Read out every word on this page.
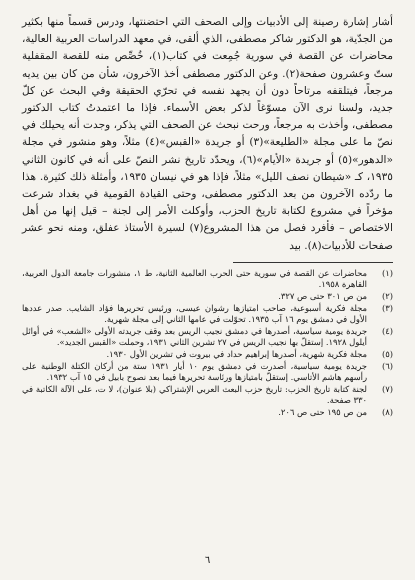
أشار إشارة رصينة إلى الأدبيات وإلى الصحف التي احتضنتها، ودرس قسماً منها بكثير من الجدّية، هو الدكتور شاكر مصطفى، الذي ألقى، في معهد الدراسات العربية العالية، محاضرات عن القصة في سورية جُمِعت في كتاب(١)، خُصِّص منه للقصة المقفلية ستّ وعشرون صفحة(٢). وعن الدكتور مصطفى أخذ الآخرون، شأن من كان بين يديه مرجعاً، فيتلقفه مرتاحاً دون أن يجهد نفسه في تحرّي الحقيقة وفي البحث عن كلّ جديد، ولسنا نرى الآن مسوّغاً لذكر بعض الأسماء. فإذا ما اعتمدتُ كتاب الدكتور مصطفى، وأخذت به مرجعاً، ورحت نبحث عن الصحف التي يذكر، وجدت أنه يحيلك في نصّ ما على مجلة «الطليعة»(٣) أو جريدة «القبس»(٤) مثلاً، وهو منشور في مجلة «الدهور»(٥) أو جريدة «الأيام»(٦)، ويحدّد تاريخ نشر النصّ على أنه في كانون الثاني ١٩٣٥، كـ «شيطان نصف الليل» مثلاً، فإذا هو في نيسان ١٩٣٥، وأمثلة ذلك كثيرة. هذا ما ردّده الآخرون من بعد الدكتور مصطفى، وحتى القيادة القومية في بغداد شرعت مؤخراً في مشروع لكتابة تاريخ الحزب، وأوكلت الأمر إلى لجنة – قيل إنها من أهل الاختصاص – فأفرد فصل من هذا المشروع(٧) لسيرة الأستاذ عفلق، ومنه نحو عشر صفحات للأدبيات(٨). بيد

(١)
محاضرات عن القصة في سورية حتى الحرب العالمية الثانية، ط ١، منشورات جامعة الدول العربية، القاهرة ١٩٥٨.
(٢)
من ص ٣٠١ حتى ص ٣٢٧.
(٣)
مجلة فكرية أسبوعية، صاحب امتيازها رشوان عيسى، ورئيس تحريرها فؤاد الشايب. صدر عددها الأول في دمشق يوم ١٦ آب ١٩٣٥. تحوّلت في عامها الثاني إلى مجلة شهرية.
(٤)
جريدة يومية سياسية، أصدرها في دمشق نجيب الريس بعد وقف جريدته الأولى «الشعب» في أوائل أيلول ١٩٢٨. إستقلّ بها نجيب الريس في ٢٧ تشرين الثاني ١٩٣١، وحملت «القبس الجديد».
(٥)
مجلة فكرية شهرية، أصدرها إبراهيم حداد في بيروت في تشرين الأول ١٩٣٠.
(٦)
جريدة يومية سياسية، أصدرت في دمشق يوم ١٠ أيار ١٩٣١ ستة من أركان الكتلة الوطنية على رأسهم هاشم الأتاسي. إستقلّ بامتيازها ورئاسة تحريرها فيما بعد نصوح بابيل في ١٥ آب ١٩٣٢.
(٧)
لجنة كتابة تاريخ الحزب: تاريخ حزب البعث العربي الإشتراكي (بلا عنوان)، لا ت، على الآلة الكاتبة في ٣٣٠ صفحة.
(٨)
من ص ١٩٥ حتى ص ٢٠٦.
٦
